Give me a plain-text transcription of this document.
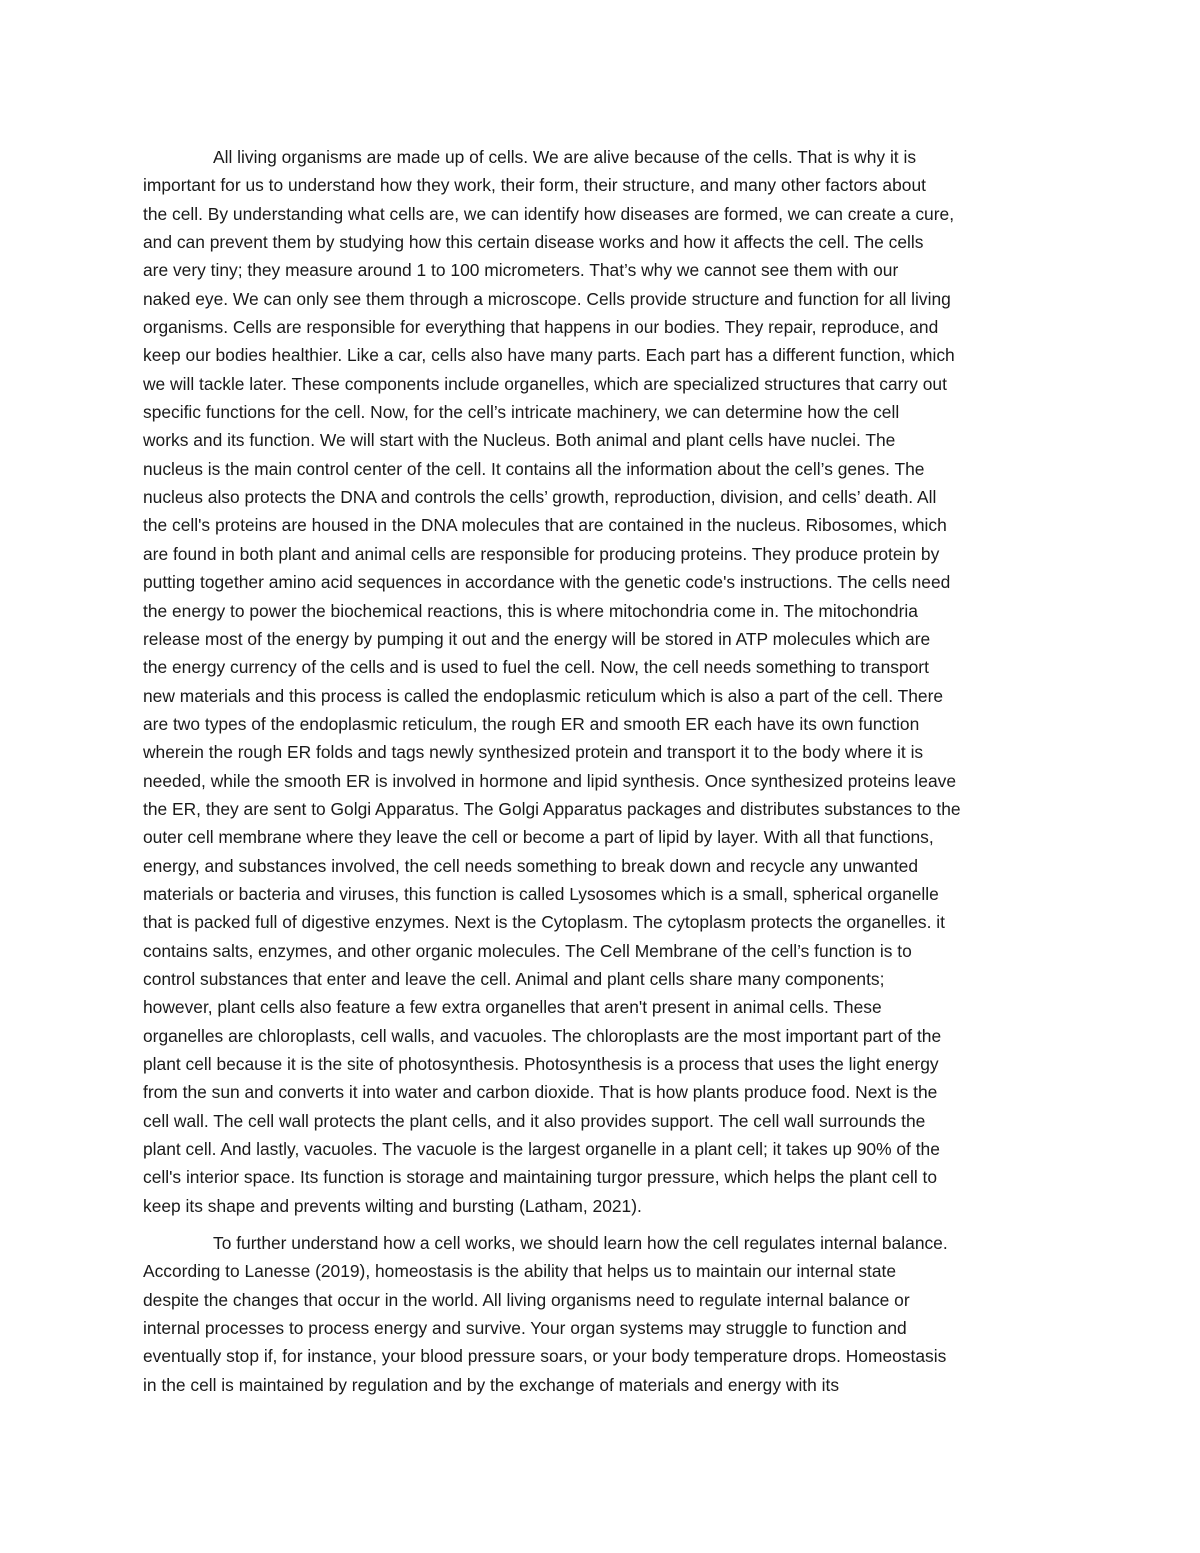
All living organisms are made up of cells. We are alive because of the cells. That is why it is
important for us to understand how they work, their form, their structure, and many other factors about
the cell. By understanding what cells are, we can identify how diseases are formed, we can create a cure,
and can prevent them by studying how this certain disease works and how it affects the cell. The cells
are very tiny; they measure around 1 to 100 micrometers. That’s why we cannot see them with our
naked eye. We can only see them through a microscope. Cells provide structure and function for all living
organisms. Cells are responsible for everything that happens in our bodies. They repair, reproduce, and
keep our bodies healthier. Like a car, cells also have many parts. Each part has a different function, which
we will tackle later. These components include organelles, which are specialized structures that carry out
specific functions for the cell. Now, for the cell’s intricate machinery, we can determine how the cell
works and its function. We will start with the Nucleus. Both animal and plant cells have nuclei. The
nucleus is the main control center of the cell. It contains all the information about the cell’s genes. The
nucleus also protects the DNA and controls the cells’ growth, reproduction, division, and cells’ death. All
the cell's proteins are housed in the DNA molecules that are contained in the nucleus. Ribosomes, which
are found in both plant and animal cells are responsible for producing proteins. They produce protein by
putting together amino acid sequences in accordance with the genetic code's instructions. The cells need
the energy to power the biochemical reactions, this is where mitochondria come in. The mitochondria
release most of the energy by pumping it out and the energy will be stored in ATP molecules which are
the energy currency of the cells and is used to fuel the cell. Now, the cell needs something to transport
new materials and this process is called the endoplasmic reticulum which is also a part of the cell. There
are two types of the endoplasmic reticulum, the rough ER and smooth ER each have its own function
wherein the rough ER folds and tags newly synthesized protein and transport it to the body where it is
needed, while the smooth ER is involved in hormone and lipid synthesis. Once synthesized proteins leave
the ER, they are sent to Golgi Apparatus. The Golgi Apparatus packages and distributes substances to the
outer cell membrane where they leave the cell or become a part of lipid by layer. With all that functions,
energy, and substances involved, the cell needs something to break down and recycle any unwanted
materials or bacteria and viruses, this function is called Lysosomes which is a small, spherical organelle
that is packed full of digestive enzymes. Next is the Cytoplasm. The cytoplasm protects the organelles. it
contains salts, enzymes, and other organic molecules. The Cell Membrane of the cell’s function is to
control substances that enter and leave the cell. Animal and plant cells share many components;
however, plant cells also feature a few extra organelles that aren't present in animal cells. These
organelles are chloroplasts, cell walls, and vacuoles. The chloroplasts are the most important part of the
plant cell because it is the site of photosynthesis. Photosynthesis is a process that uses the light energy
from the sun and converts it into water and carbon dioxide. That is how plants produce food. Next is the
cell wall. The cell wall protects the plant cells, and it also provides support. The cell wall surrounds the
plant cell. And lastly, vacuoles. The vacuole is the largest organelle in a plant cell; it takes up 90% of the
cell's interior space. Its function is storage and maintaining turgor pressure, which helps the plant cell to
keep its shape and prevents wilting and bursting (Latham, 2021).

To further understand how a cell works, we should learn how the cell regulates internal balance.
According to Lanesse (2019), homeostasis is the ability that helps us to maintain our internal state
despite the changes that occur in the world. All living organisms need to regulate internal balance or
internal processes to process energy and survive. Your organ systems may struggle to function and
eventually stop if, for instance, your blood pressure soars, or your body temperature drops. Homeostasis
in the cell is maintained by regulation and by the exchange of materials and energy with its
